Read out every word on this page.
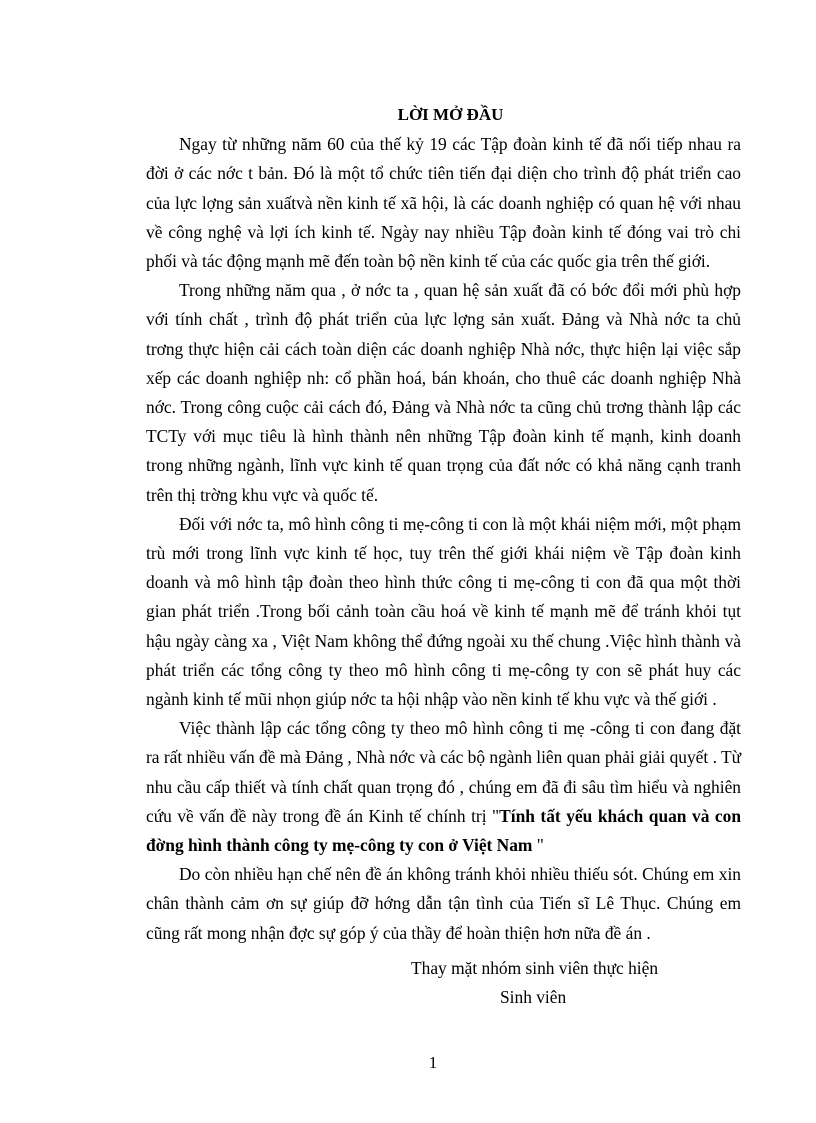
LỜI MỞ ĐẦU

Ngay từ những năm 60 của thế kỷ 19 các Tập đoàn kinh tế đã nối tiếp nhau ra đời ở các nớc t bản. Đó là một tổ chức tiên tiến đại diện cho trình độ phát triển cao của lực lợng sản xuấtvà nền kinh tế xã hội, là các doanh nghiệp có quan hệ với nhau về công nghệ và lợi ích kinh tế. Ngày nay nhiều Tập đoàn kinh tế đóng vai trò chi phối và tác động mạnh mẽ đến toàn bộ nền kinh tế của các quốc gia trên thế giới.

Trong những năm qua , ở nớc ta , quan hệ sản xuất đã có bớc đổi mới phù hợp với tính chất , trình độ phát triển của lực lợng sản xuất. Đảng và Nhà nớc ta chủ trơng thực hiện cải cách toàn diện các doanh nghiệp Nhà nớc, thực hiện lại việc sắp xếp các doanh nghiệp nh: cổ phần hoá, bán khoán, cho thuê các doanh nghiệp Nhà nớc. Trong công cuộc cải cách đó, Đảng và Nhà nớc ta cũng chủ trơng thành lập các TCTy với mục tiêu là hình thành nên những Tập đoàn kinh tế mạnh, kinh doanh trong những ngành, lĩnh vực kinh tế quan trọng của đất nớc có khả năng cạnh tranh trên thị trờng khu vực và quốc tế.

Đối với nớc ta, mô hình công ti mẹ-công ti con là một khái niệm mới, một phạm trù mới trong lĩnh vực kinh tế học, tuy trên thế giới khái niệm về Tập đoàn kinh doanh và mô hình tập đoàn theo hình thức công ti mẹ-công ti con đã qua một thời gian phát triển .Trong bối cảnh toàn cầu hoá về kinh tế mạnh mẽ để tránh khỏi tụt hậu ngày càng xa , Việt Nam không thể đứng ngoài xu thế chung .Việc hình thành và phát triển các tổng công ty theo mô hình công ti mẹ-công ty con sẽ phát huy các ngành kinh tế mũi nhọn giúp nớc ta hội nhập vào nền kinh tế khu vực và thế giới .

Việc thành lập các tổng công ty theo mô hình công ti mẹ -công ti con đang đặt ra rất nhiều vấn đề mà Đảng , Nhà nớc và các bộ ngành liên quan phải giải quyết . Từ nhu cầu cấp thiết và tính chất quan trọng đó , chúng em đã đi sâu tìm hiểu và nghiên cứu về vấn đề này trong đề án Kinh tế chính trị "Tính tất yếu khách quan và con đờng hình thành công ty mẹ-công ty con ở Việt Nam "

Do còn nhiều hạn chế nên đề án không tránh khỏi nhiều thiếu sót. Chúng em xin chân thành cảm ơn sự giúp đỡ hớng dẫn tận tình của Tiến sĩ Lê Thục. Chúng em cũng rất mong nhận đợc sự góp ý của thầy để hoàn thiện hơn nữa đề án .

Thay mặt nhóm sinh viên thực hiện
Sinh viên
1
